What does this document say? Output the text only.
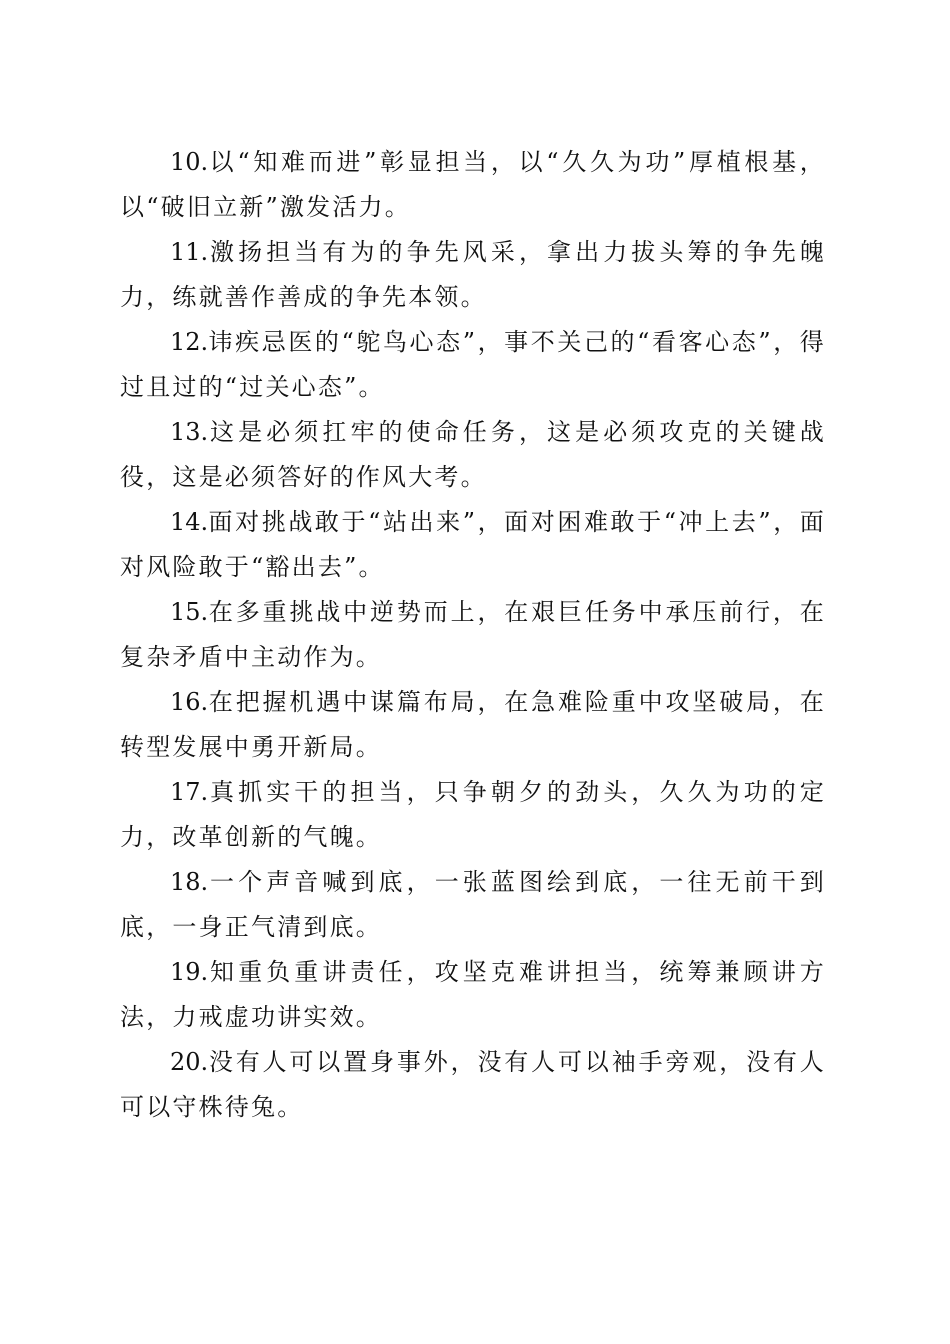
10.以“知难而进”彰显担当，以“久久为功”厚植根基，以“破旧立新”激发活力。

11.激扬担当有为的争先风采，拿出力拔头筹的争先魄力，练就善作善成的争先本领。

12.讳疾忌医的“鸵鸟心态”，事不关己的“看客心态”，得过且过的“过关心态”。

13.这是必须扛牢的使命任务，这是必须攻克的关键战役，这是必须答好的作风大考。

14.面对挑战敢于“站出来”，面对困难敢于“冲上去”，面对风险敢于“豁出去”。

15.在多重挑战中逆势而上，在艰巨任务中承压前行，在复杂矛盾中主动作为。

16.在把握机遇中谋篇布局，在急难险重中攻坚破局，在转型发展中勇开新局。

17.真抓实干的担当，只争朝夕的劲头，久久为功的定力，改革创新的气魄。

18.一个声音喊到底，一张蓝图绘到底，一往无前干到底，一身正气清到底。

19.知重负重讲责任，攻坚克难讲担当，统筹兼顾讲方法，力戒虚功讲实效。

20.没有人可以置身事外，没有人可以袖手旁观，没有人可以守株待兔。
